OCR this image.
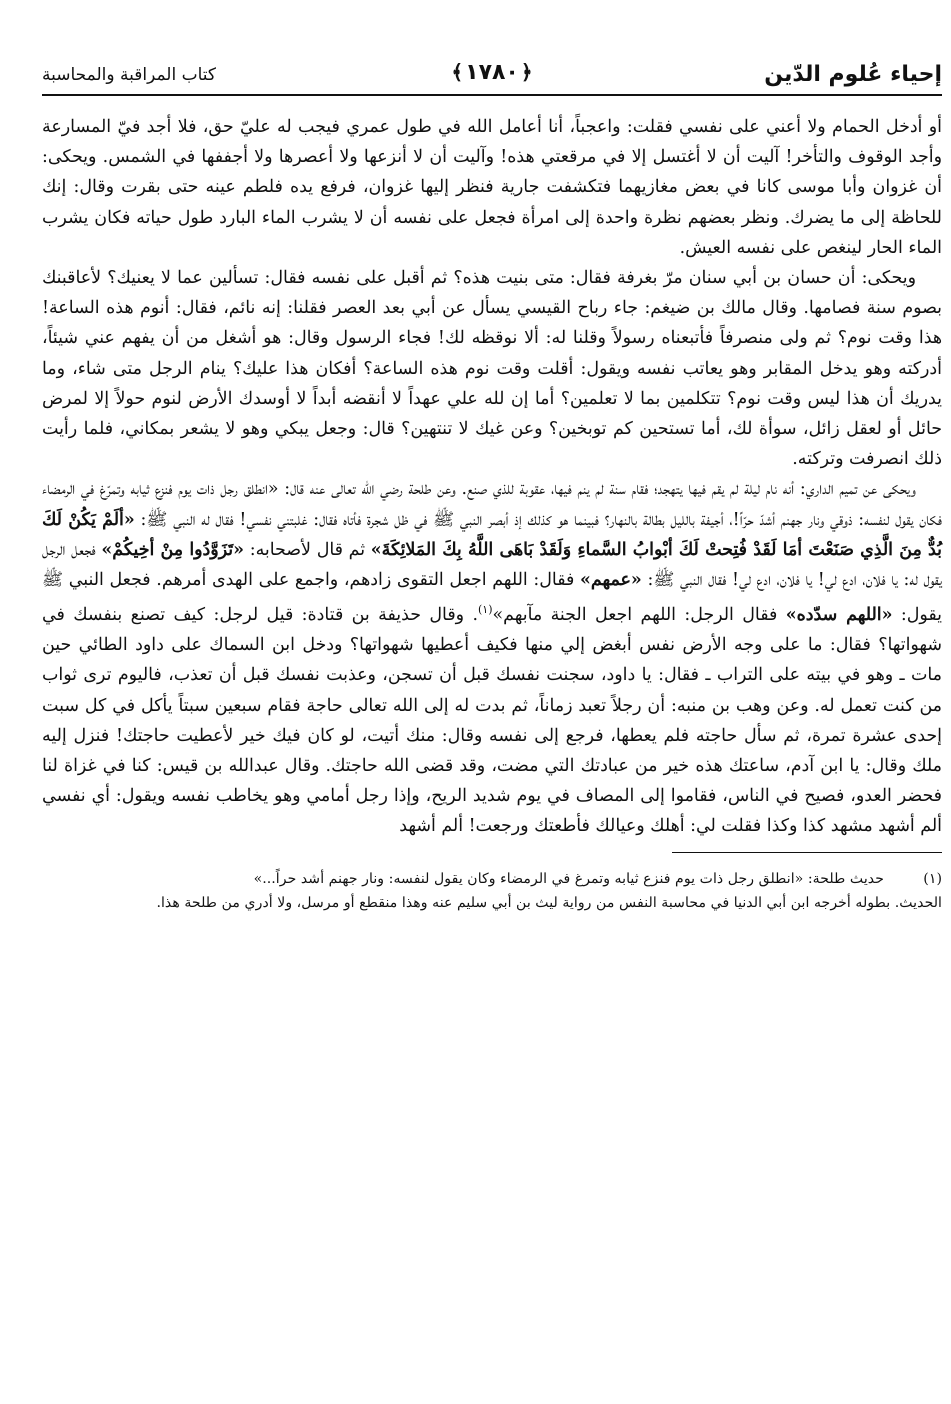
إحياء عُلوم الدّين
﴿١٧٨٠﴾
كتاب المراقبة والمحاسبة

أو أدخل الحمام ولا أعني على نفسي فقلت: واعجباً، أنا أعامل الله في طول عمري فيجب له عليّ حق، فلا أجد فيّ المسارعة وأجد الوقوف والتأخر! آليت أن لا أغتسل إلا في مرقعتي هذه! وآليت أن لا أنزعها ولا أعصرها ولا أجففها في الشمس. ويحكى: أن غزوان وأبا موسى كانا في بعض مغازيهما فتكشفت جارية فنظر إليها غزوان، فرفع يده فلطم عينه حتى بقرت وقال: إنك للحاظة إلى ما يضرك. ونظر بعضهم نظرة واحدة إلى امرأة فجعل على نفسه أن لا يشرب الماء البارد طول حياته فكان يشرب الماء الحار لينغص على نفسه العيش.

ويحكى: أن حسان بن أبي سنان مرّ بغرفة فقال: متى بنيت هذه؟ ثم أقبل على نفسه فقال: تسألين عما لا يعنيك؟ لأعاقبنك بصوم سنة فصامها. وقال مالك بن ضيغم: جاء رباح القيسي يسأل عن أبي بعد العصر فقلنا: إنه نائم، فقال: أنوم هذه الساعة! هذا وقت نوم؟ ثم ولى منصرفاً فأتبعناه رسولاً وقلنا له: ألا نوقظه لك! فجاء الرسول وقال: هو أشغل من أن يفهم عني شيئاً، أدركته وهو يدخل المقابر وهو يعاتب نفسه ويقول: أقلت وقت نوم هذه الساعة؟ أفكان هذا عليك؟ ينام الرجل متى شاء، وما يدريك أن هذا ليس وقت نوم؟ تتكلمين بما لا تعلمين؟ أما إن لله علي عهداً لا أنقضه أبداً لا أوسدك الأرض لنوم حولاً إلا لمرض حائل أو لعقل زائل، سوأة لك، أما تستحين كم توبخين؟ وعن غيك لا تنتهين؟ قال: وجعل يبكي وهو لا يشعر بمكاني، فلما رأيت ذلك انصرفت وتركته.

ويحكى عن تميم الداري: أنه نام ليلة لم يقم فيها يتهجد؛ فقام سنة لم ينم فيها، عقوبة للذي صنع. وعن طلحة رضي الله تعالى عنه قال: «انطلق رجل ذات يوم فنزع ثيابه وتمرّغ في الرمضاء فكان يقول لنفسه: ذوقي ونار جهنم أشدّ حرّاً!، أجيفة بالليل بطالة بالنهار؟ فبينما هو كذلك إذ أبصر النبي ﷺ في ظل شجرة فأتاه فقال: غلبتني نفسي! فقال له النبي ﷺ: «ألَمْ يَكُنْ لَكَ بُدٌّ مِنَ الَّذِي صَنَعْتَ أمَا لَقَدْ فُتِحتْ لَكَ أبْوابُ السَّماءِ وَلَقَدْ بَاهَى اللَّهُ بِكَ المَلائِكَةَ» ثم قال لأصحابه: «تَزَوَّدُوا مِنْ أخِيكُمْ» فجعل الرجل يقول له: يا فلان، ادع لي! يا فلان، ادع لي! فقال النبي ﷺ: «عمهم» فقال: اللهم اجعل التقوى زادهم، واجمع على الهدى أمرهم. فجعل النبي ﷺ يقول: «اللهم سدّده» فقال الرجل: اللهم اجعل الجنة مآبهم»$^{(١)}$. وقال حذيفة بن قتادة: قيل لرجل: كيف تصنع بنفسك في شهواتها؟ فقال: ما على وجه الأرض نفس أبغض إلي منها فكيف أعطيها شهواتها؟ ودخل ابن السماك على داود الطائي حين مات ـ وهو في بيته على التراب ـ فقال: يا داود، سجنت نفسك قبل أن تسجن، وعذبت نفسك قبل أن تعذب، فاليوم ترى ثواب من كنت تعمل له. وعن وهب بن منبه: أن رجلاً تعبد زماناً، ثم بدت له إلى الله تعالى حاجة فقام سبعين سبتاً يأكل في كل سبت إحدى عشرة تمرة، ثم سأل حاجته فلم يعطها، فرجع إلى نفسه وقال: منك أتيت، لو كان فيك خير لأعطيت حاجتك! فنزل إليه ملك وقال: يا ابن آدم، ساعتك هذه خير من عبادتك التي مضت، وقد قضى الله حاجتك. وقال عبدالله بن قيس: كنا في غزاة لنا فحضر العدو، فصيح في الناس، فقاموا إلى المصاف في يوم شديد الريح، وإذا رجل أمامي وهو يخاطب نفسه ويقول: أي نفسي ألم أشهد مشهد كذا وكذا فقلت لي: أهلك وعيالك فأطعتك ورجعت! ألم أشهد

(١)
حديث طلحة: «انطلق رجل ذات يوم فنزع ثيابه وتمرغ في الرمضاء وكان يقول لنفسه: ونار جهنم أشد حراً...»
الحديث. بطوله أخرجه ابن أبي الدنيا في محاسبة النفس من رواية ليث بن أبي سليم عنه وهذا منقطع أو مرسل، ولا أدري من طلحة هذا.
